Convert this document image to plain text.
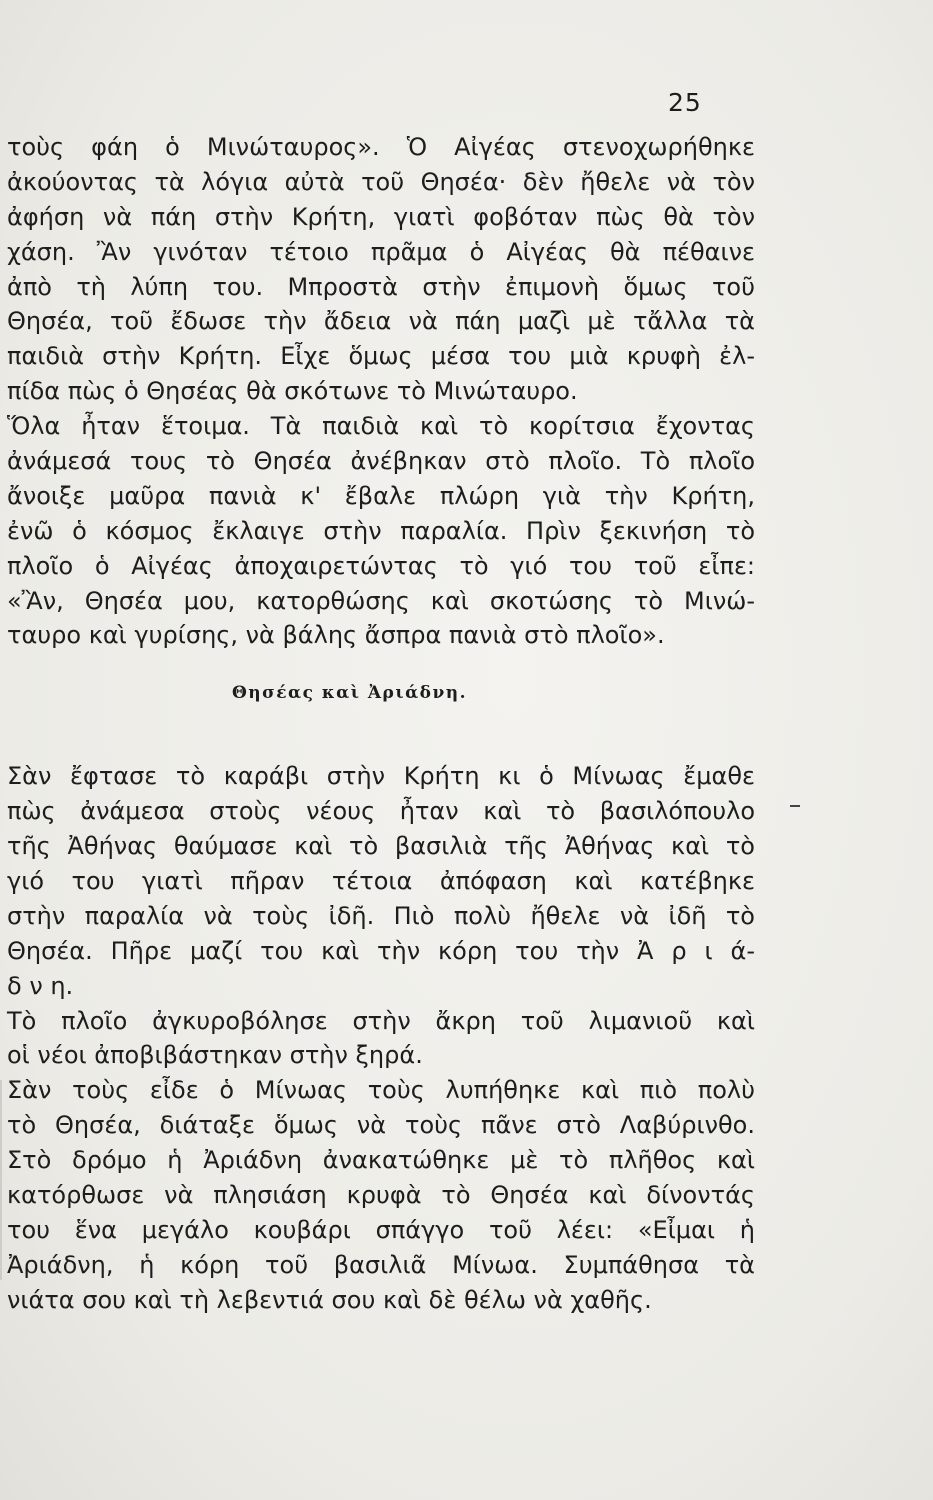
25
τοὺς φάη ὁ Μινώταυρος». Ὁ Αἰγέας στενοχωρήθηκε
ἀκούοντας τὰ λόγια αὐτὰ τοῦ Θησέα· δὲν ἤθελε νὰ τὸν
ἀφήση νὰ πάη στὴν Κρήτη, γιατὶ φοβόταν πὼς θὰ τὸν
χάση. Ἂν γινόταν τέτοιο πρᾶμα ὁ Αἰγέας θὰ πέθαινε
ἀπὸ τὴ λύπη του. Μπροστὰ στὴν ἐπιμονὴ ὅμως τοῦ
Θησέα, τοῦ ἔδωσε τὴν ἄδεια νὰ πάη μαζὶ μὲ τἄλλα τὰ
παιδιὰ στὴν Κρήτη. Εἶχε ὅμως μέσα του μιὰ κρυφὴ ἐλ-
πίδα πὼς ὁ Θησέας θὰ σκότωνε τὸ Μινώταυρο.
Ὅλα ἦταν ἕτοιμα. Τὰ παιδιὰ καὶ τὸ κορίτσια ἔχοντας
ἀνάμεσά τους τὸ Θησέα ἀνέβηκαν στὸ πλοῖο. Τὸ πλοῖο
ἄνοιξε μαῦρα πανιὰ κ' ἔβαλε πλώρη γιὰ τὴν Κρήτη,
ἐνῶ ὁ κόσμος ἔκλαιγε στὴν παραλία. Πρὶν ξεκινήση τὸ
πλοῖο ὁ Αἰγέας ἀποχαιρετώντας τὸ γιό του τοῦ εἶπε:
«Ἂν, Θησέα μου, κατορθώσης καὶ σκοτώσης τὸ Μινώ-
ταυρο καὶ γυρίσης, νὰ βάλης ἄσπρα πανιὰ στὸ πλοῖο».
Θησέας καὶ Ἀριάδνη.
Σὰν ἔφτασε τὸ καράβι στὴν Κρήτη κι ὁ Μίνωας ἔμαθε
πὼς ἀνάμεσα στοὺς νέους ἦταν καὶ τὸ βασιλόπουλο
τῆς Ἀθήνας θαύμασε καὶ τὸ βασιλιὰ τῆς Ἀθήνας καὶ τὸ
γιό του γιατὶ πῆραν τέτοια ἀπόφαση καὶ κατέβηκε
στὴν παραλία νὰ τοὺς ἰδῆ. Πιὸ πολὺ ἤθελε νὰ ἰδῆ τὸ
Θησέα. Πῆρε μαζί του καὶ τὴν κόρη του τὴν Ἀ ρ ι ά-
δ ν η.
Τὸ πλοῖο ἀγκυροβόλησε στὴν ἄκρη τοῦ λιμανιοῦ καὶ
οἱ νέοι ἀποβιβάστηκαν στὴν ξηρά.
Σὰν τοὺς εἶδε ὁ Μίνωας τοὺς λυπήθηκε καὶ πιὸ πολὺ
τὸ Θησέα, διάταξε ὅμως νὰ τοὺς πᾶνε στὸ Λαβύρινθο.
Στὸ δρόμο ἡ Ἀριάδνη ἀνακατώθηκε μὲ τὸ πλῆθος καὶ
κατόρθωσε νὰ πλησιάση κρυφὰ τὸ Θησέα καὶ δίνοντάς
του ἕνα μεγάλο κουβάρι σπάγγο τοῦ λέει: «Εἶμαι ἡ
Ἀριάδνη, ἡ κόρη τοῦ βασιλιᾶ Μίνωα. Συμπάθησα τὰ
νιάτα σου καὶ τὴ λεβεντιά σου καὶ δὲ θέλω νὰ χαθῆς.
